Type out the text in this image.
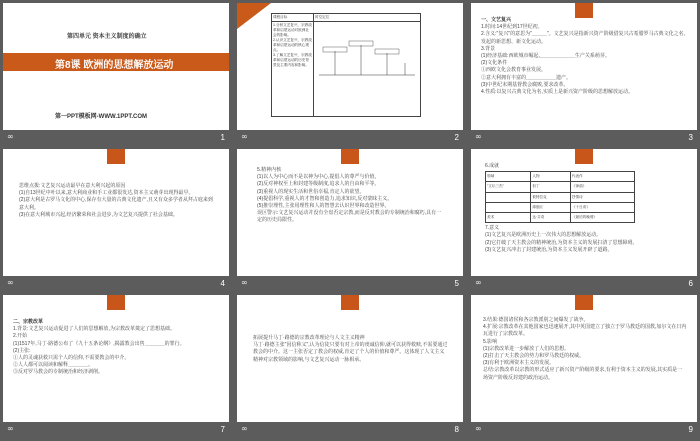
第四单元 资本主义制度的确立
第8课 欧洲的思想解放运动
第一PPT模板网-WWW.1PPT.COM
∞	1
课程目标	时空定位
1.分析文艺复兴、宗教改革和启蒙运动对欧洲社会的影响。
2.认识文艺复兴、宗教改革和启蒙运动的核心观点。
3.了解文艺复兴、宗教改革和启蒙运动的历史背景及主要内容和影响。	
∞	2
一、文艺复兴
1.时间:14世纪到17世纪初。
2.含义:"复兴"的意思为"＿＿＿"。文艺复兴是指新兴资产阶级借复兴古希腊罗马古典文化之名,发起的新思想、新文化运动。
3.背景
(1)经济基础:西欧城市崛起,＿＿＿＿＿＿＿生产关系萌芽。
(2)文化条件
①西欧文化会教育事业发展。
②意大利拥有丰富的＿＿＿＿＿＿遗产。
(3)中世纪末期基督教会腐败,要求改革。
4.性质:以复兴古典文化为名,实质上是新兴资产阶级的思想解放运动。
∞	3
思维点拨:文艺复兴运动最早在意大利兴起的原因
(1)自13世纪中叶以来,意大利商业和手工业都很发达,资本主义萌芽出现得最早。
(2)意大利是古罗马文化的中心,保存有大量的古典文化遗产,且又有众多学者从拜占庭来到意大利。
(3)在意大利城市兴起,经济繁荣和社会进步,为文艺复兴提供了社会基础。
∞	4
5.精神内核
(1)以人为中心而不是以神为中心,提倡人的尊严与价值。
(2)反对神权至上和封建等级制度,追求人的自由和平等。
(3)重视人的现实生活和世俗幸福,肯定人的欲望。
(4)提倡科学,重视人的才智和创造力,追求知识,反对蒙昧主义。
(5)推崇理性,主张用理性和人的智慧去认识世界和改造世界。
误区警示:文艺复兴运动并没有全盘否定宗教,而是反对教会的专制统治和腐朽,具有一定的历史局限性。
∞	5
6.成就
领域	人物	代表作
"文坛三杰"	但丁	《神曲》
	彼特拉克	抒情诗
	薄伽丘	《十日谈》
美术	达·芬奇	《最后的晚餐》
7.意义
(1)文艺复兴是欧洲历史上一次伟大的思想解放运动。
(2)它打破了天主教会的精神统治,为资本主义的发展扫清了思想障碍。
(3)文艺复兴冲击了封建统治,为资本主义发展开辟了道路。
∞	6
二、宗教改革
1.背景:文艺复兴运动促进了人们的思想解放,为宗教改革奠定了思想基础。
2.开始
(1)1517年,马丁·路德公布了《九十五条论纲》,揭露教会出售＿＿＿＿的罪行。
(2)主张:
①人的灵魂获救只需个人的信仰,不需要教会的中介。
②人人都可以阅读和解释＿＿＿＿。
③反对罗马教会的专制统治和经济剥削。
∞	7
拓展提升马丁·路德的宗教改革理论与人文主义精神
马丁·路德主张"因信称义",认为信徒只要有对上帝的虔诚信仰,就可以获得救赎,不需要通过教会的中介。这一主张否定了教会的权威,肯定了个人的价值和尊严。这体现了人文主义精神对宗教领域的影响,与文艺复兴运动一脉相承。
∞	8
3.结果:德国诸侯和各宗教派别之间爆发了战争。
4.扩展:宗教改革在其他国家也迅速展开,其中英国建立了独立于罗马教廷的国教,加尔文在日内瓦进行了宗教改革。
5.影响
(1)宗教改革进一步解放了人们的思想。
(2)打击了天主教会的势力和罗马教廷的权威。
(3)有利于欧洲资本主义的发展。
总结:宗教改革以宗教的形式适应了新兴资产阶级的要求,有利于资本主义的发展,其实质是一场资产阶级反封建的政治运动。
∞	9
